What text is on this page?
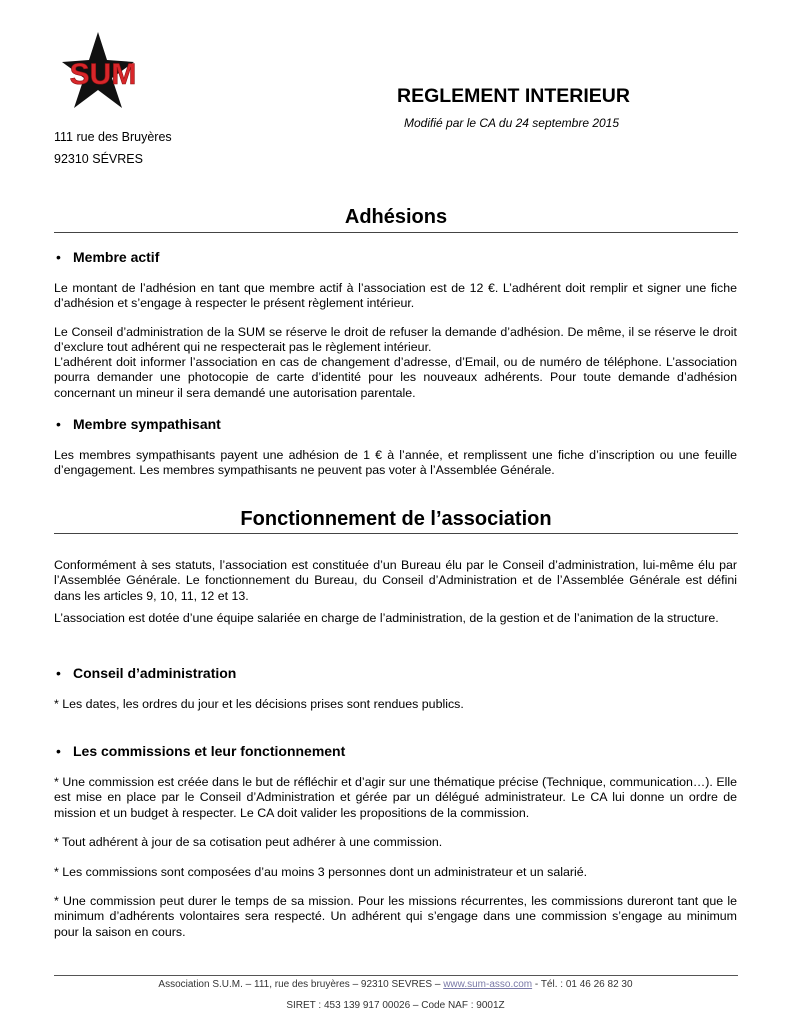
SUM
111 rue des Bruyères
92310 SÉVRES
REGLEMENT INTERIEUR
Modifié par le CA du 24 septembre 2015
Adhésions
• Membre actif
Le montant de l’adhésion en tant que membre actif à l’association est de 12 €. L’adhérent doit remplir et signer une fiche d’adhésion et s’engage à respecter le présent règlement intérieur.
Le Conseil d’administration de la SUM se réserve le droit de refuser la demande d’adhésion. De même, il se réserve le droit d’exclure tout adhérent qui ne respecterait pas le règlement intérieur.
L’adhérent doit informer l’association en cas de changement d’adresse, d’Email, ou de numéro de téléphone. L’association pourra demander une photocopie de carte d’identité pour les nouveaux adhérents. Pour toute demande d’adhésion concernant un mineur il sera demandé une autorisation parentale.
• Membre sympathisant
Les membres sympathisants payent une adhésion de 1 € à l’année, et remplissent une fiche d’inscription ou une feuille d’engagement. Les membres sympathisants ne peuvent pas voter à l’Assemblée Générale.
Fonctionnement de l’association
Conformément à ses statuts, l’association est constituée d’un Bureau élu par le Conseil d’administration, lui-même élu par l’Assemblée Générale. Le fonctionnement du Bureau, du Conseil d’Administration et de l’Assemblée Générale est défini dans les articles 9, 10, 11, 12 et 13.
L’association est dotée d’une équipe salariée en charge de l’administration, de la gestion et de l’animation de la structure.
• Conseil d’administration
* Les dates, les ordres du jour et les décisions prises sont rendues publics.
• Les commissions et leur fonctionnement
* Une commission est créée dans le but de réfléchir et d’agir sur une thématique précise (Technique, communication…). Elle est mise en place par le Conseil d’Administration et gérée par un délégué administrateur. Le CA lui donne un ordre de mission et un budget à respecter. Le CA doit valider les propositions de la commission.
* Tout adhérent à jour de sa cotisation peut adhérer à une commission.
* Les commissions sont composées d’au moins 3 personnes dont un administrateur et un salarié.
* Une commission peut durer le temps de sa mission. Pour les missions récurrentes, les commissions dureront tant que le minimum d’adhérents volontaires sera respecté. Un adhérent qui s’engage dans une commission s’engage au minimum pour la saison en cours.
Association S.U.M. – 111, rue des bruyères – 92310 SEVRES – www.sum-asso.com - Tél. : 01 46 26 82 30
SIRET : 453 139 917 00026 – Code NAF : 9001Z
